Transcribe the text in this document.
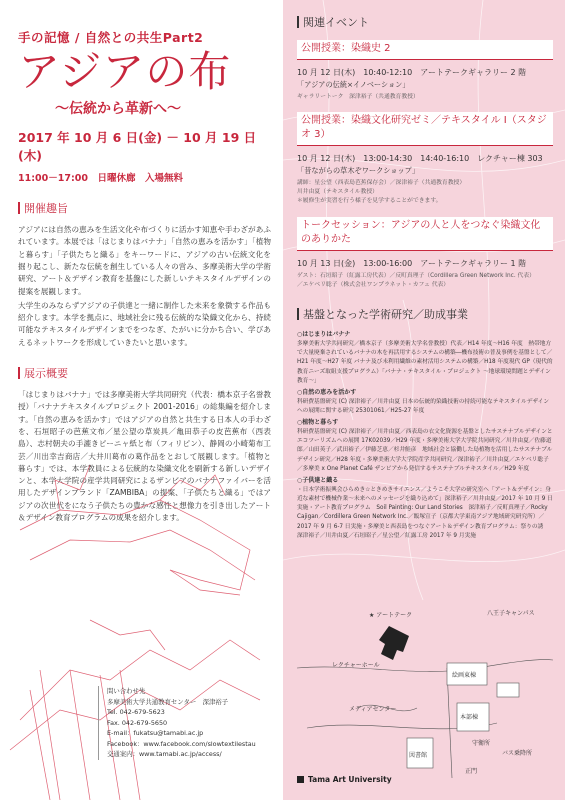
手の記憶 / 自然との共生Part2
アジアの布
～伝統から革新へ～
2017 年 10 月 6 日(金) － 10 月 19 日(木)
11:00－17:00　日曜休廊　入場無料
開催趣旨

アジアには自然の恵みを生活文化や布づくりに活かす知恵や手わざがあふれています。本展では「はじまりはバナナ」「自然の恵みを活かす」「植物と暮らす」「子供たちと織る」をキーワードに、アジアの古い伝統文化を掘り起こし、新たな伝統を創生している人々の営み、多摩美術大学の学術研究、アート＆デザイン教育を基盤にした新しいテキスタイルデザインの提案を展観します。

大学生のみならずアジアの子供達と一緒に制作した未来を象徴する作品も紹介します。本学を拠点に、地域社会に残る伝統的な染織文化から、持続可能なテキスタイルデザインまでをつなぎ、たがいに分かち合い、学びあえるネットワークを形成していきたいと思います。

展示概要

「はじまりはバナナ」では多摩美術大学共同研究（代表：橋本京子名誉教授）「バナナテキスタイルプロジェクト 2001-2016」の総集編を紹介します。「自然の恵みを活かす」ではアジアの自然と共生する日本人の手わざを、石垣昭子の芭蕉文布／星公望の草炭具／亀田恭子の皮芭蕉布（西表島）、志村朝夫の手漉きピーニャ紙と布（フィリピン）、静岡の小崎菊布工芸／川出幸吉商店／大井川葛布の葛作品をとおして展観します。「植物と暮らす」では、本学教員による伝統的な染織文化を刷新する新しいデザインと、本学大学院の産学共同研究によるザンビアのバナナファイバーを活用したデザインブランド「ZAMBIBA」の提案、「子供たちと織る」ではアジアの次世代をになう子供たちの豊かな感性と想像力を引き出したアート＆デザイン教育プログラムの成果を紹介します。

問い合わせ先
多摩美術大学共通教育センター　深津裕子
Tel. 042-679-5623
Fax. 042-679-5650
E-mail：fukatsu@tamabi.ac.jp
Facebook：www.facebook.com/slowtextilestau
交通案内：www.tamabi.ac.jp/access/
関連イベント
公開授業：染織史 2
10 月 12 日(木)　10:40-12:10　アートテークギャラリー 2 階
「アジアの伝統×イノベーション」
ギャラリートーク　深津裕子（共通教育教授）
公開授業：染織文化研究ゼミ／テキスタイル I（スタジオ 3）
10 月 12 日(木)　13:00-14:30　14:40-16:10　レクチャー棟 303
「昔ながらの草木ぞワークショップ」
講師：星公望（西表島芭蕉保存会）／深津裕子（共通教育教授）
川井由夏（テキスタイル教授）
＊履修生が実習を行う様子を見学することができます。
トークセッション：アジアの人と人をつなぐ染織文化のありかた
10 月 13 日(金)　13:00-16:00　アートテークギャラリー 1 階
ゲスト：石垣昭子（紅露工房代表）／反町真理子（Cordillera Green Network Inc. 代表）
／エケベリ聡子（株式会社ワンプラネット・カフェ 代表）
基盤となった学術研究／助成事業
○はじまりはバナナ
多摩美術大学共同研究／橋本京子（多摩美術大学名誉教授）代表／H14 年度～H16 年度　熱帯地方で大量廃棄されているバナナの木を再活用するシステムの構築―機布技術の普及事例を基盤として／H21 年度～H27 年度 バナナ及び未利用繊維の素材活用システムの構築／H18 年度現代 GP（現代的教育ニーズ取組支援プログラム）「バナナ・テキスタイル・プロジェクト ～地球環境問題とデザイン教育～」
○自然の恵みを活かす
科研費基盤研究 (C) 深津裕子／川井由夏 日本の伝統的染織技術の持続可能なテキスタイルデザインへの展開に関する研究 25301061／H25-27 年度
○植物と暮らす
科研費基盤研究 (C) 深津裕子／川井由夏／西表島の衣文化資源を基盤としたサステナブルデザインとエコツーリズムへの展開 17K02039／H29 年度・多摩美術大学大学院共同研究／川井由夏／佐藤道郎／山田英子／武田裕子／伊藤芝恵／杉井鮭彦　地域社会と協働した島植物を活用したサステナブルデザイン研究／H28 年度・多摩美術大学大学院産学共同研究／深津裕子／川井由夏／エケベリ聡子／多摩美 x One Planet Café ザンビアから発信するサステナブルテキスタイル／H29 年度
○子供達と織る
・日本学術振興会ひらめき☆ときめきサイエンス／ようこそ大学の研究室へ「アート＆デザイン：身近な素材で機械作業～未来へのメッセージを織り込めて」深津裕子／川井由夏／2017 年 10 月 9 日実施・アート教育プログラム　Soil Painting: Our Land Stories　深津裕子／反町真理子／Rocky Cajigan／Cordillera Green Network Inc.／飯塚宣子（京都大学東南アジア地域研究研究所）／2017 年 9 月 6-7 日実施・多摩美と西表島をつなぐアート＆デザイン教育プログラム：祭りの誘　深津裕子／川井由夏／石垣昭子／星公望／紅露工房 2017 年 9 月実施
★ アートテーク	八王子キャンパス
レクチャーホール
絵画東棟
本部棟
メディアセンター
図書館
守衛所
バス乗降所
正門
Tama Art University
